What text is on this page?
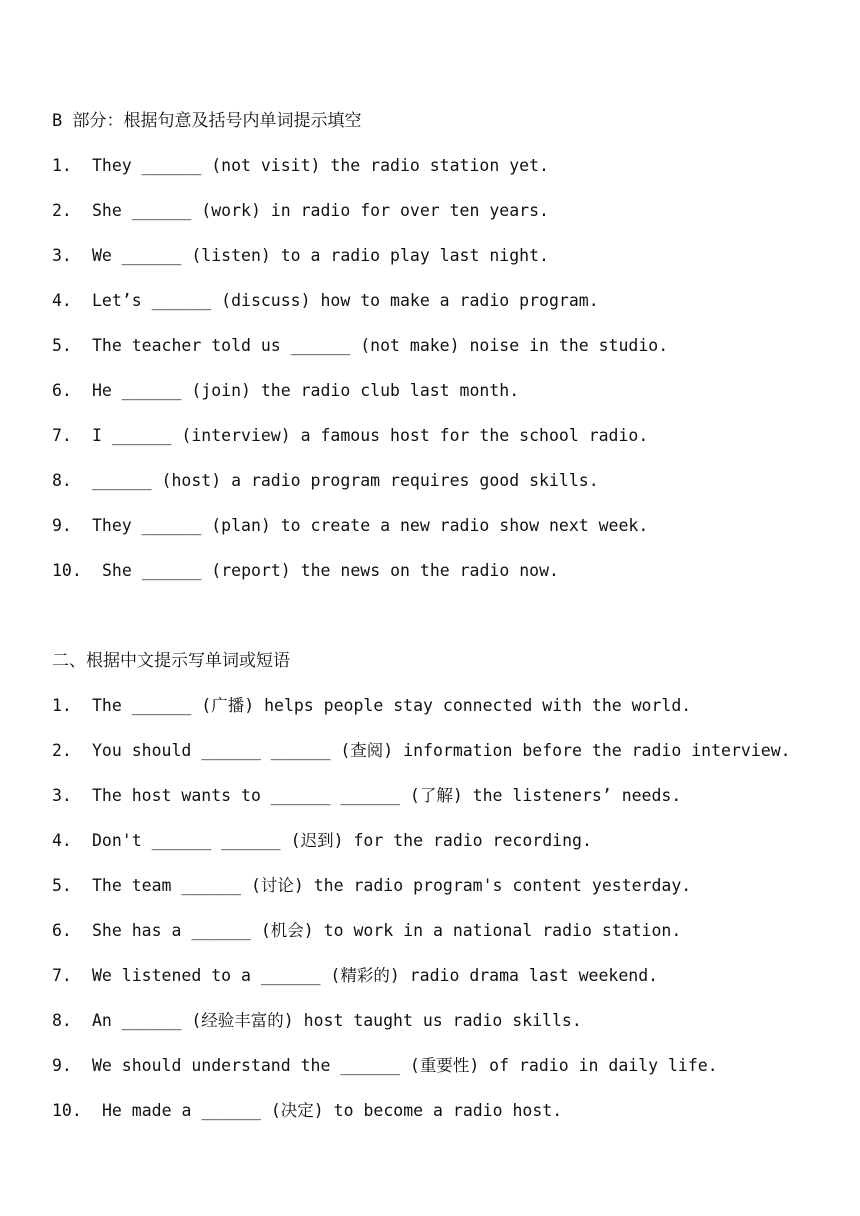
B 部分：根据句意及括号内单词提示填空
1.	They ______ (not visit) the radio station yet.
2.	She ______ (work) in radio for over ten years.
3.	We ______ (listen) to a radio play last night.
4.	Let’s ______ (discuss) how to make a radio program.
5.	The teacher told us ______ (not make) noise in the studio.
6.	He ______ (join) the radio club last month.
7.	I ______ (interview) a famous host for the school radio.
8.	______ (host) a radio program requires good skills.
9.	They ______ (plan) to create a new radio show next week.
10.	She ______ (report) the news on the radio now.
二、根据中文提示写单词或短语
1.	The ______ (广播) helps people stay connected with the world.
2.	You should ______ ______ (查阅) information before the radio interview.
3.	The host wants to ______ ______ (了解) the listeners’ needs.
4.	Don't ______ ______ (迟到) for the radio recording.
5.	The team ______ (讨论) the radio program's content yesterday.
6.	She has a ______ (机会) to work in a national radio station.
7.	We listened to a ______ (精彩的) radio drama last weekend.
8.	An ______ (经验丰富的) host taught us radio skills.
9.	We should understand the ______ (重要性) of radio in daily life.
10.	He made a ______ (决定) to become a radio host.
